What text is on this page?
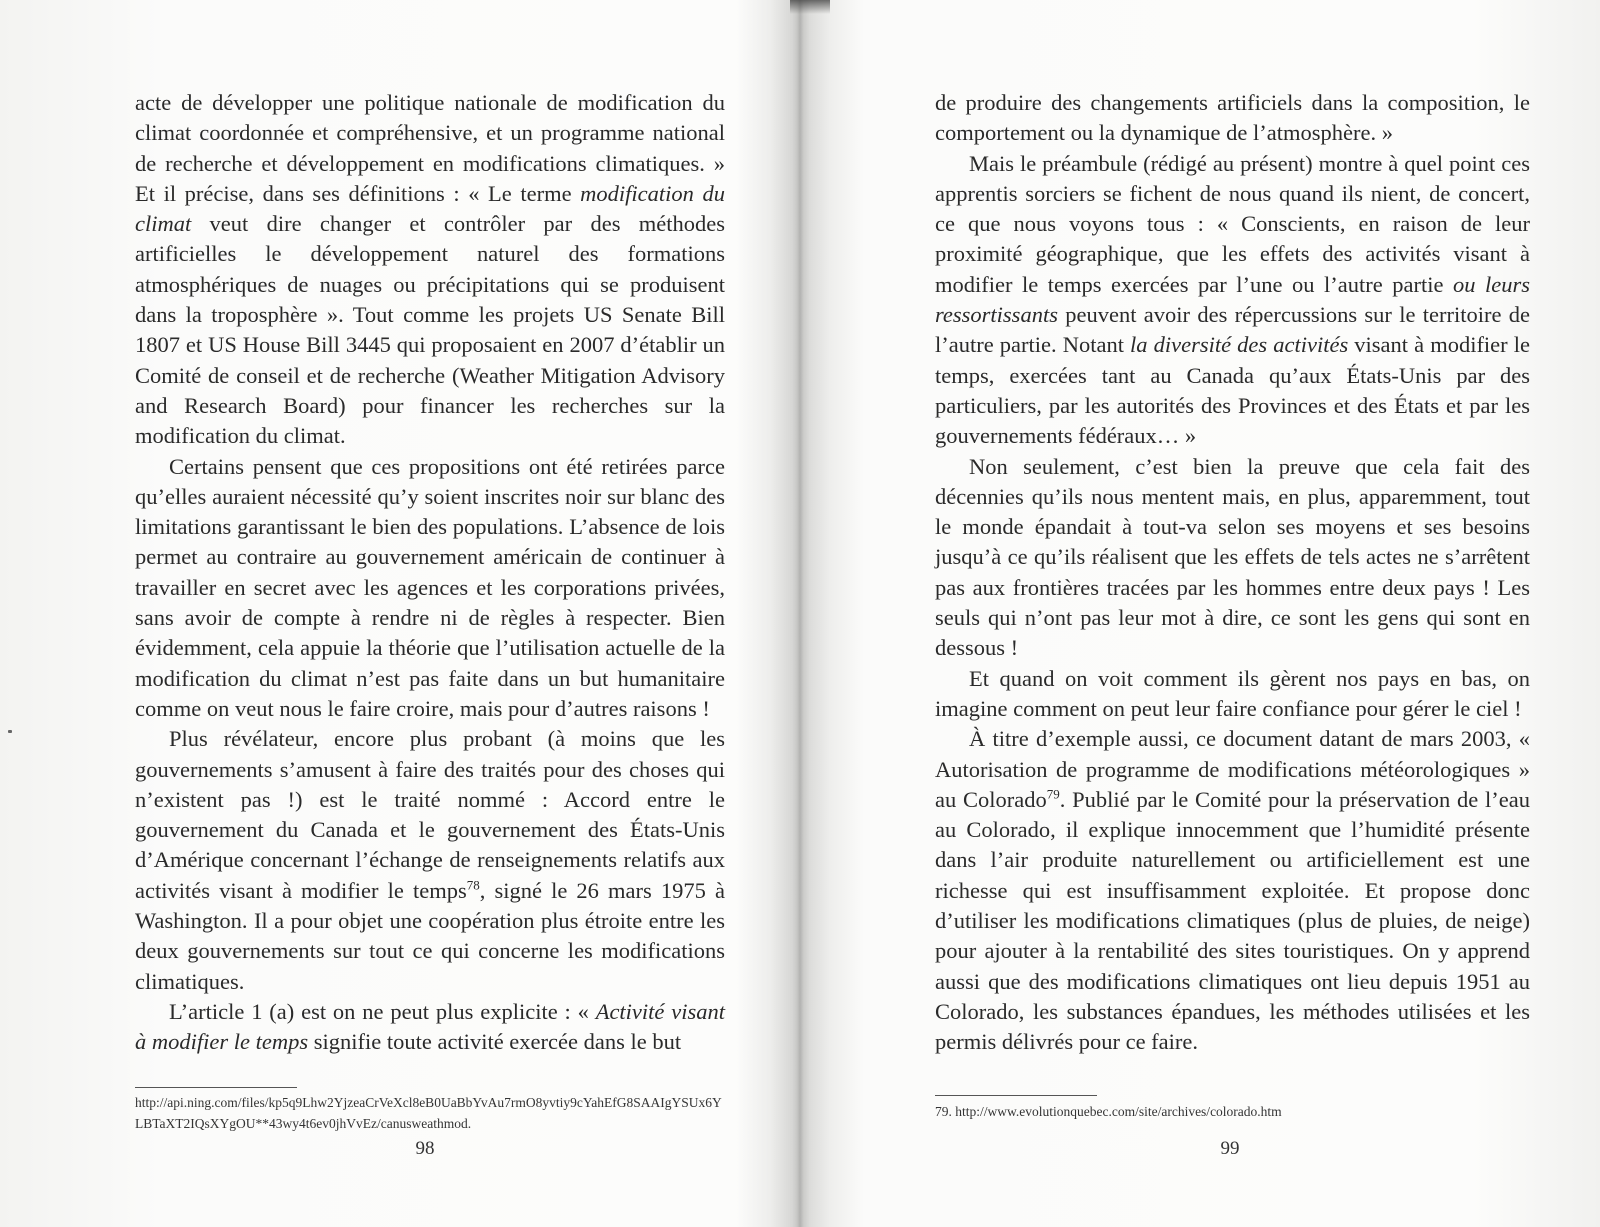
acte de développer une politique nationale de modification du climat coordonnée et compréhensive, et un programme national de recherche et développement en modifications climatiques. » Et il précise, dans ses définitions : « Le terme modification du climat veut dire changer et contrôler par des méthodes artificielles le développement naturel des formations atmosphériques de nuages ou précipitations qui se produisent dans la troposphère ». Tout comme les projets US Senate Bill 1807 et US House Bill 3445 qui proposaient en 2007 d’établir un Comité de conseil et de recherche (Weather Mitigation Advisory and Research Board) pour financer les recherches sur la modification du climat.

Certains pensent que ces propositions ont été retirées parce qu’elles auraient nécessité qu’y soient inscrites noir sur blanc des limitations garantissant le bien des populations. L’absence de lois permet au contraire au gouvernement américain de continuer à travailler en secret avec les agences et les corporations privées, sans avoir de compte à rendre ni de règles à respecter. Bien évidemment, cela appuie la théorie que l’utilisation actuelle de la modification du climat n’est pas faite dans un but humanitaire comme on veut nous le faire croire, mais pour d’autres raisons !

Plus révélateur, encore plus probant (à moins que les gouvernements s’amusent à faire des traités pour des choses qui n’existent pas !) est le traité nommé : Accord entre le gouvernement du Canada et le gouvernement des États-Unis d’Amérique concernant l’échange de renseignements relatifs aux activités visant à modifier le temps$^{78}$, signé le 26 mars 1975 à Washington. Il a pour objet une coopération plus étroite entre les deux gouvernements sur tout ce qui concerne les modifications climatiques.

L’article 1 (a) est on ne peut plus explicite : « Activité visant à modifier le temps signifie toute activité exercée dans le but

http://api.ning.com/files/kp5q9Lhw2YjzeaCrVeXcl8eB0UaBbYvAu7rmO8yvtiy9cYahEfG8SAAIgYSUx6YLBTaXT2IQsXYgOU**43wy4t6ev0jhVvEz/canusweathmod.
98

de produire des changements artificiels dans la composition, le comportement ou la dynamique de l’atmosphère. »

Mais le préambule (rédigé au présent) montre à quel point ces apprentis sorciers se fichent de nous quand ils nient, de concert, ce que nous voyons tous : « Conscients, en raison de leur proximité géographique, que les effets des activités visant à modifier le temps exercées par l’une ou l’autre partie ou leurs ressortissants peuvent avoir des répercussions sur le territoire de l’autre partie. Notant la diversité des activités visant à modifier le temps, exercées tant au Canada qu’aux États-Unis par des particuliers, par les autorités des Provinces et des États et par les gouvernements fédéraux… »

Non seulement, c’est bien la preuve que cela fait des décennies qu’ils nous mentent mais, en plus, apparemment, tout le monde épandait à tout-va selon ses moyens et ses besoins jusqu’à ce qu’ils réalisent que les effets de tels actes ne s’arrêtent pas aux frontières tracées par les hommes entre deux pays ! Les seuls qui n’ont pas leur mot à dire, ce sont les gens qui sont en dessous !

Et quand on voit comment ils gèrent nos pays en bas, on imagine comment on peut leur faire confiance pour gérer le ciel !

À titre d’exemple aussi, ce document datant de mars 2003, « Autorisation de programme de modifications météorologiques » au Colorado$^{79}$. Publié par le Comité pour la préservation de l’eau au Colorado, il explique innocemment que l’humidité présente dans l’air produite naturellement ou artificiellement est une richesse qui est insuffisamment exploitée. Et propose donc d’utiliser les modifications climatiques (plus de pluies, de neige) pour ajouter à la rentabilité des sites touristiques. On y apprend aussi que des modifications climatiques ont lieu depuis 1951 au Colorado, les substances épandues, les méthodes utilisées et les permis délivrés pour ce faire.

79. http://www.evolutionquebec.com/site/archives/colorado.htm
99
